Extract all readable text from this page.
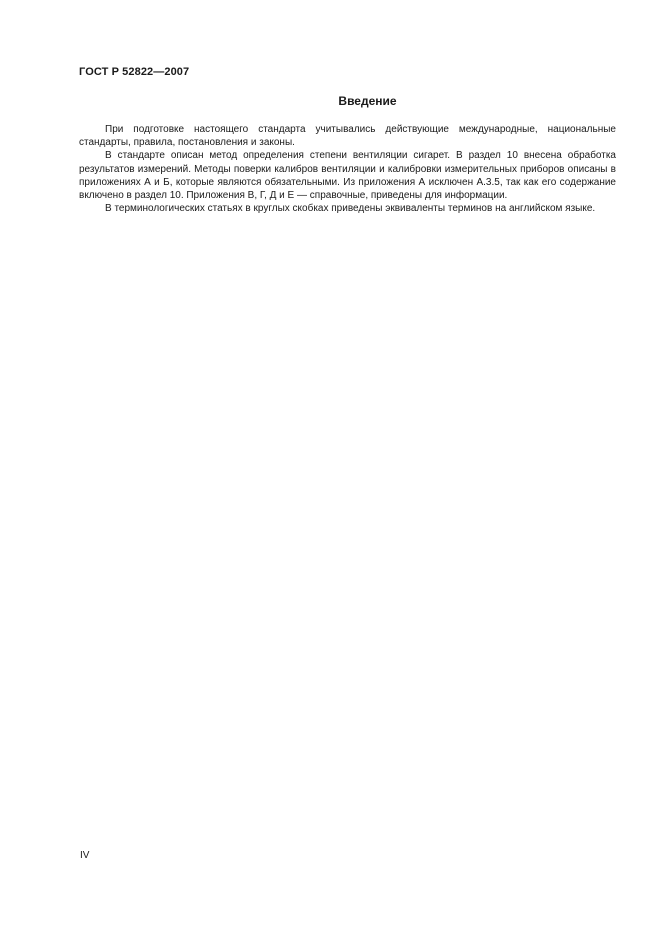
ГОСТ Р 52822—2007
Введение

При подготовке настоящего стандарта учитывались действующие международные, национальные стандарты, правила, постановления и законы.

В стандарте описан метод определения степени вентиляции сигарет. В раздел 10 внесена обработка результатов измерений. Методы поверки калибров вентиляции и калибровки измерительных приборов описаны в приложениях А и Б, которые являются обязательными. Из приложения А исключен А.3.5, так как его содержание включено в раздел 10. Приложения В, Г, Д и Е — справочные, приведены для информации.

В терминологических статьях в круглых скобках приведены эквиваленты терминов на английском языке.

IV
